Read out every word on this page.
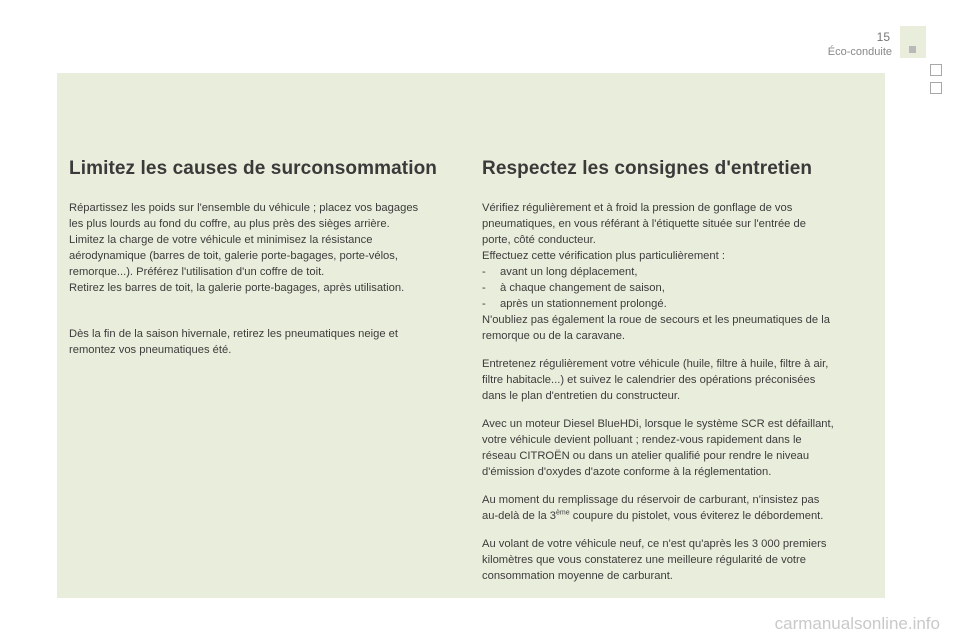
15
Éco-conduite
Limitez les causes de surconsommation
Répartissez les poids sur l'ensemble du véhicule ; placez vos bagages
les plus lourds au fond du coffre, au plus près des sièges arrière.
Limitez la charge de votre véhicule et minimisez la résistance
aérodynamique (barres de toit, galerie porte-bagages, porte-vélos,
remorque...). Préférez l'utilisation d'un coffre de toit.
Retirez les barres de toit, la galerie porte-bagages, après utilisation.
Dès la fin de la saison hivernale, retirez les pneumatiques neige et
remontez vos pneumatiques été.
Respectez les consignes d'entretien
Vérifiez régulièrement et à froid la pression de gonflage de vos
pneumatiques, en vous référant à l'étiquette située sur l'entrée de
porte, côté conducteur.
Effectuez cette vérification plus particulièrement :
- avant un long déplacement,
- à chaque changement de saison,
- après un stationnement prolongé.
N'oubliez pas également la roue de secours et les pneumatiques de la
remorque ou de la caravane.
Entretenez régulièrement votre véhicule (huile, filtre à huile, filtre à air,
filtre habitacle...) et suivez le calendrier des opérations préconisées
dans le plan d'entretien du constructeur.
Avec un moteur Diesel BlueHDi, lorsque le système SCR est défaillant,
votre véhicule devient polluant ; rendez-vous rapidement dans le
réseau CITROËN ou dans un atelier qualifié pour rendre le niveau
d'émission d'oxydes d'azote conforme à la réglementation.
Au moment du remplissage du réservoir de carburant, n'insistez pas
au-delà de la 3ème coupure du pistolet, vous éviterez le débordement.
Au volant de votre véhicule neuf, ce n'est qu'après les 3 000 premiers
kilomètres que vous constaterez une meilleure régularité de votre
consommation moyenne de carburant.
carmanualsonline.info
